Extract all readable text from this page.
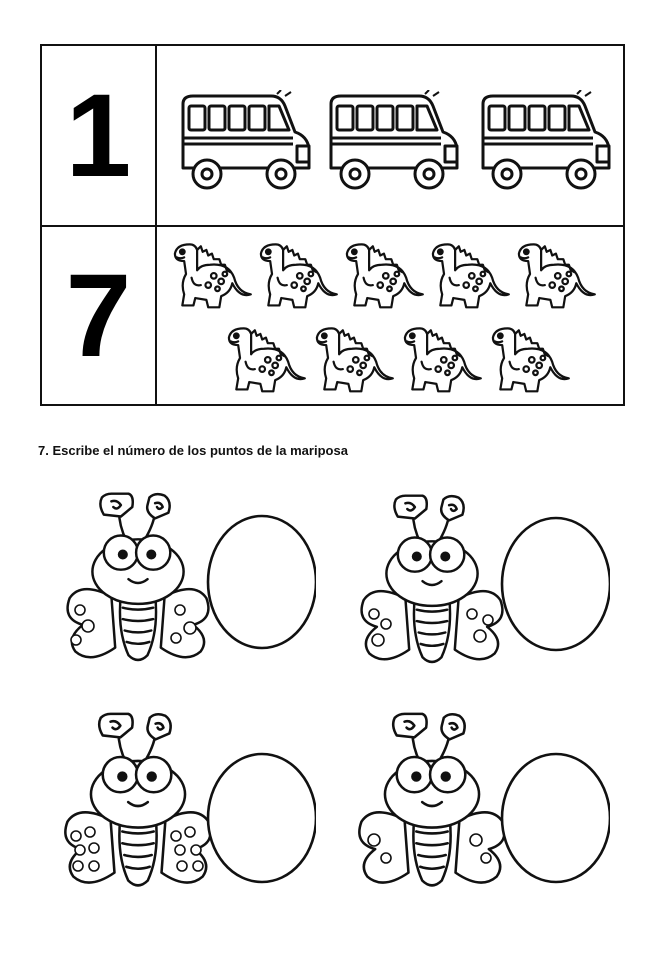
1
7
7. Escribe el número de los puntos de la mariposa
